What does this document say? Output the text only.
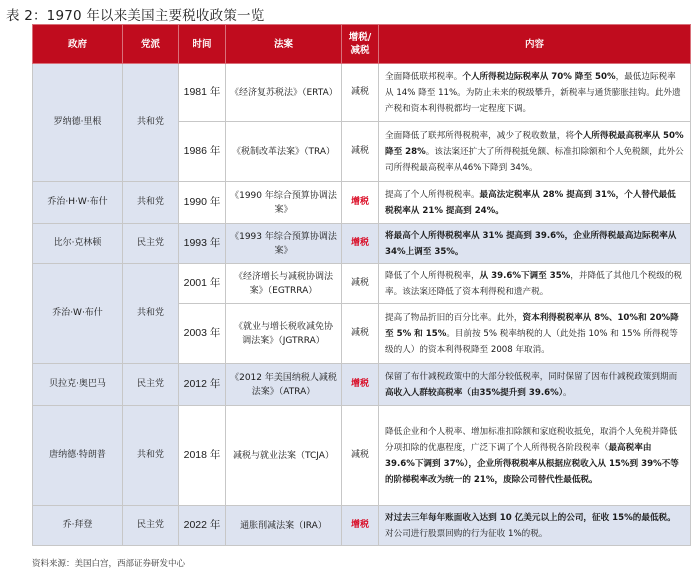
表 2：1970 年以来美国主要税收政策一览
政府	党派	时间	法案	增税/减税	内容
罗纳德·里根	共和党	1981 年	《经济复苏税法》（ERTA）	减税	全面降低联邦税率。个人所得税边际税率从 70% 降至 50%，最低边际税率从 14% 降至 11%。为防止未来的税级攀升，新税率与通货膨胀挂钩。此外遗产税和资本利得税都均一定程度下调。
		1986 年	《税制改革法案》（TRA）	减税	全面降低了联邦所得税税率，减少了税收数量，将个人所得税最高税率从 50% 降至 28%。该法案还扩大了所得税抵免额、标准扣除额和个人免税额，此外公司所得税最高税率从46%下降到 34%。
乔治·H·W·布什	共和党	1990 年	《1990 年综合预算协调法案》	增税	提高了个人所得税税率。最高法定税率从 28% 提高到 31%，个人替代最低税税率从 21% 提高到 24%。
比尔·克林顿	民主党	1993 年	《1993 年综合预算协调法案》	增税	将最高个人所得税税率从 31% 提高到 39.6%，企业所得税最高边际税率从 34%上调至 35%。
乔治·W·布什	共和党	2001 年	《经济增长与减税协调法案》（EGTRRA）	减税	降低了个人所得税税率，从 39.6%下调至 35%，并降低了其他几个税级的税率。该法案还降低了资本利得税和遗产税。
		2003 年	《就业与增长税收减免协调法案》（JGTRRA）	减税	提高了物品折旧的百分比率。此外，资本利得税税率从 8%、10%和 20%降至 5% 和 15%。目前按 5% 税率纳税的人（此处指 10% 和 15% 所得税等级的人）的资本利得税降至 2008 年取消。
贝拉克·奥巴马	民主党	2012 年	《2012 年美国纳税人减税法案》（ATRA）	增税	保留了布什减税政策中的大部分较低税率，同时保留了因布什减税政策到期而高收入人群较高税率（由35%提升到 39.6%）。
唐纳德·特朗普	共和党	2018 年	减税与就业法案（TCJA）	减税	降低企业和个人税率、增加标准扣除额和家庭税收抵免，取消个人免税并降低分项扣除的优惠程度，广泛下调了个人所得税各阶段税率（最高税率由 39.6%下调到 37%），企业所得税税率从根据应税收入从 15%到 39%不等的阶梯税率改为统一的 21%，废除公司替代性最低税。
乔·拜登	民主党	2022 年	通胀削减法案（IRA）	增税	对过去三年每年账面收入达到 10 亿美元以上的公司，征收 15%的最低税。对公司进行股票回购的行为征收 1%的税。
资料来源：美国白宫，西部证券研发中心
